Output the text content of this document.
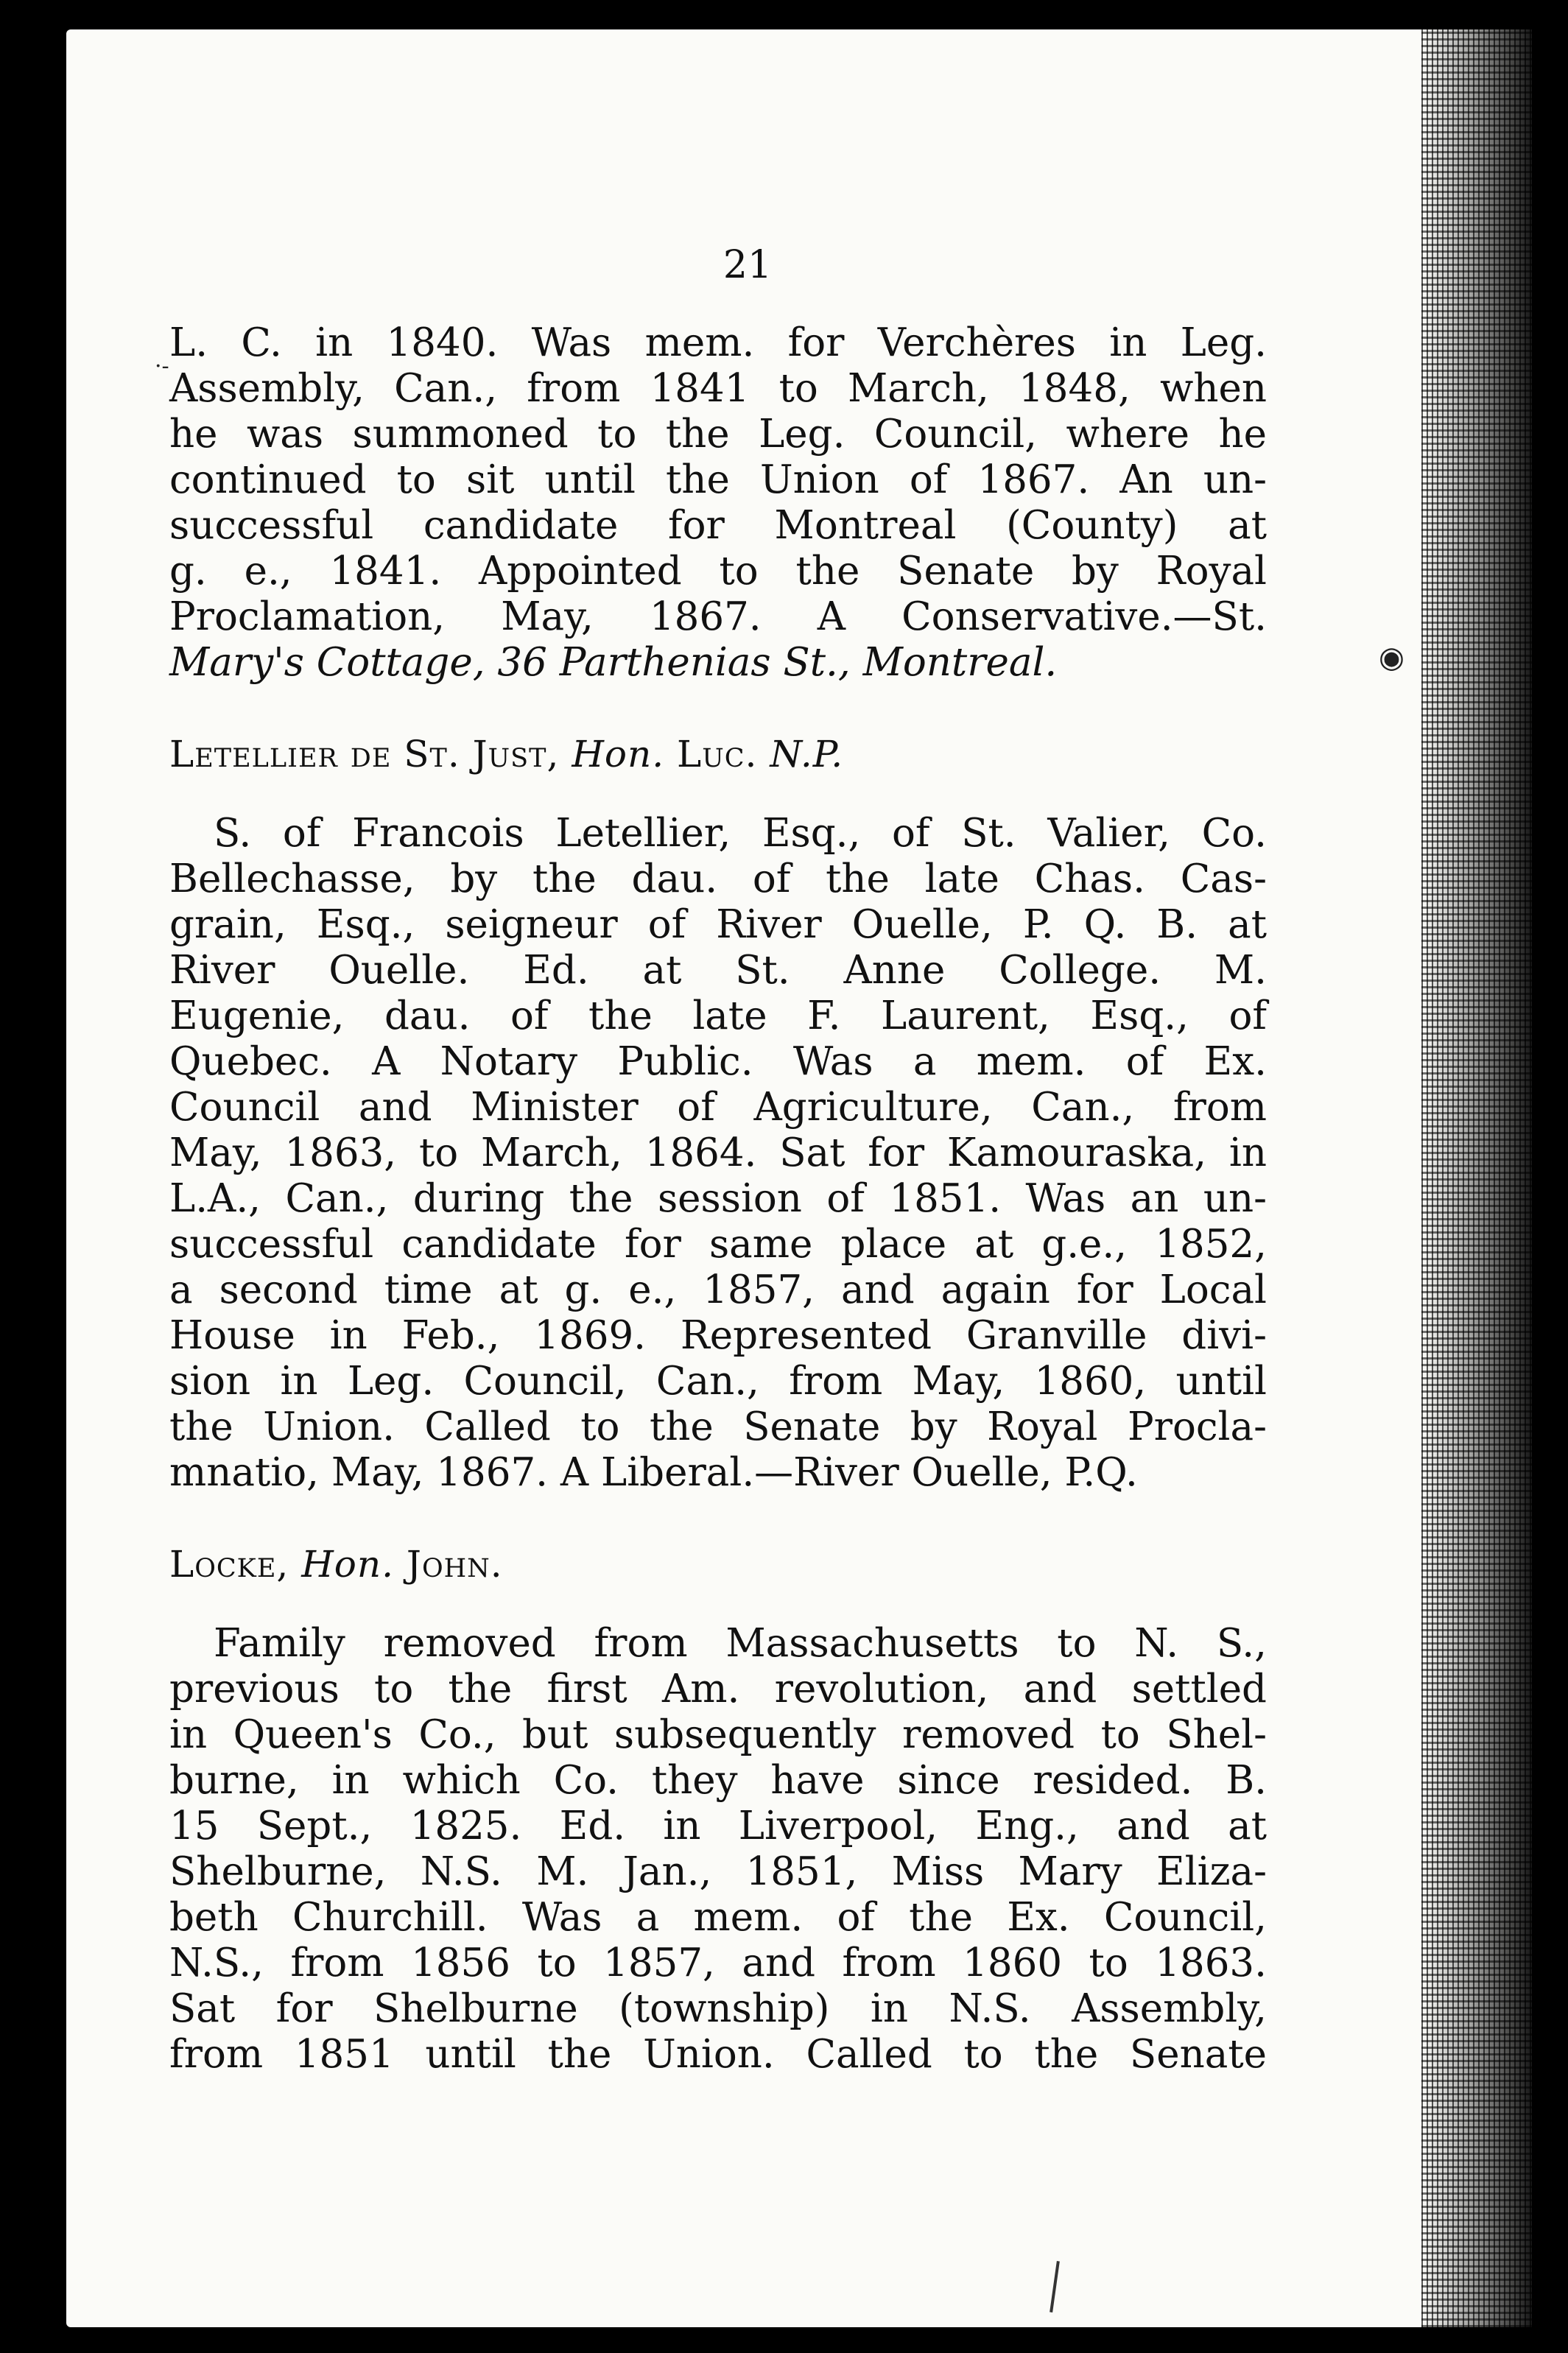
21
L. C. in 1840. Was mem. for Verchères in Leg.
Assembly, Can., from 1841 to March, 1848, when
he was summoned to the Leg. Council, where he
continued to sit until the Union of 1867. An un-
successful candidate for Montreal (County) at
g. e., 1841. Appointed to the Senate by Royal
Proclamation, May, 1867. A Conservative.—St.
Mary's Cottage, 36 Parthenias St., Montreal.

Letellier de St. Just, Hon. Luc. N.P.

S. of Francois Letellier, Esq., of St. Valier, Co.
Bellechasse, by the dau. of the late Chas. Cas-
grain, Esq., seigneur of River Ouelle, P. Q. B. at
River Ouelle. Ed. at St. Anne College. M.
Eugenie, dau. of the late F. Laurent, Esq., of
Quebec. A Notary Public. Was a mem. of Ex.
Council and Minister of Agriculture, Can., from
May, 1863, to March, 1864. Sat for Kamouraska, in
L.A., Can., during the session of 1851. Was an un-
successful candidate for same place at g.e., 1852,
a second time at g. e., 1857, and again for Local
House in Feb., 1869. Represented Granville divi-
sion in Leg. Council, Can., from May, 1860, until
the Union. Called to the Senate by Royal Procla-
mnatio, May, 1867. A Liberal.—River Ouelle, P.Q.

Locke, Hon. John.

Family removed from Massachusetts to N. S.,
previous to the first Am. revolution, and settled
in Queen's Co., but subsequently removed to Shel-
burne, in which Co. they have since resided. B.
15 Sept., 1825. Ed. in Liverpool, Eng., and at
Shelburne, N.S. M. Jan., 1851, Miss Mary Eliza-
beth Churchill. Was a mem. of the Ex. Council,
N.S., from 1856 to 1857, and from 1860 to 1863.
Sat for Shelburne (township) in N.S. Assembly,
from 1851 until the Union. Called to the Senate
·-
◉
